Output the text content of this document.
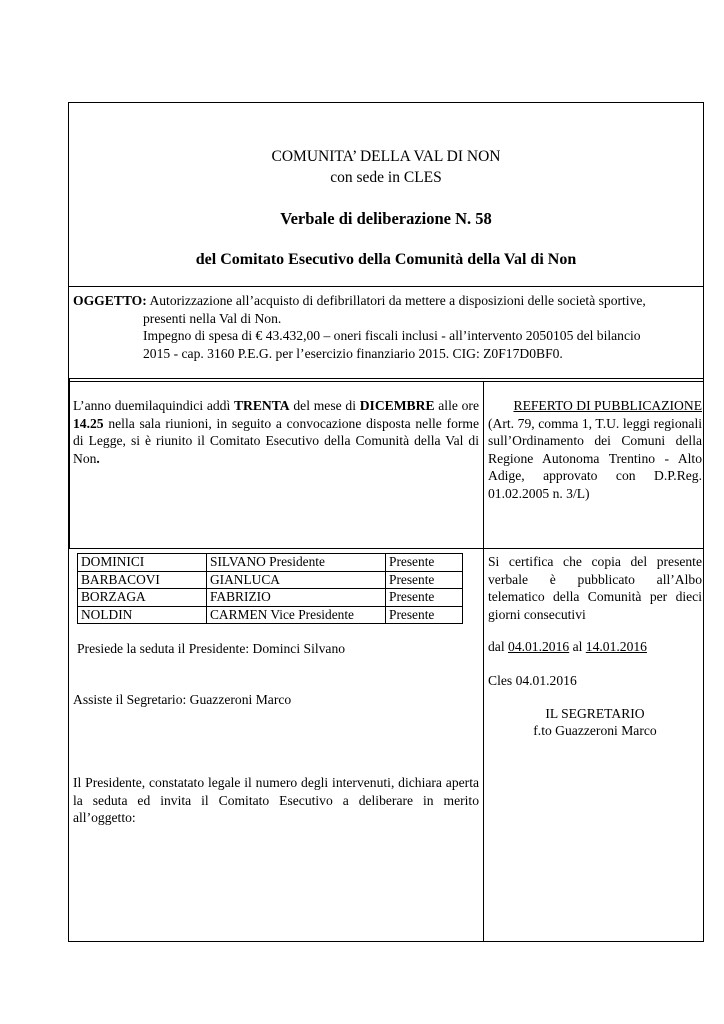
COMUNITA’ DELLA VAL DI NON
con sede in CLES
Verbale di deliberazione N. 58
del Comitato Esecutivo della Comunità della Val di Non
OGGETTO: Autorizzazione all’acquisto di defibrillatori da mettere a disposizioni delle società sportive,
presenti nella Val di Non.
Impegno di spesa di € 43.432,00 – oneri fiscali inclusi - all’intervento 2050105 del bilancio
2015 - cap. 3160 P.E.G. per l’esercizio finanziario 2015. CIG: Z0F17D0BF0.
L’anno duemilaquindici addì TRENTA del mese di DICEMBRE alle ore 14.25 nella sala riunioni, in seguito a convocazione disposta nelle forme di Legge, si è riunito il Comitato Esecutivo della Comunità della Val di Non.
REFERTO DI PUBBLICAZIONE
(Art. 79, comma 1, T.U. leggi regionali sull’Ordinamento dei Comuni della Regione Autonoma Trentino - Alto Adige, approvato con D.P.Reg. 01.02.2005 n. 3/L)
DOMINICI	SILVANO Presidente	Presente
BARBACOVI	GIANLUCA	Presente
BORZAGA	FABRIZIO	Presente
NOLDIN	CARMEN Vice Presidente	Presente
Presiede la seduta il Presidente: Dominci Silvano
Assiste il Segretario: Guazzeroni Marco
Il Presidente, constatato legale il numero degli intervenuti, dichiara aperta la seduta ed invita il Comitato Esecutivo a deliberare in merito all’oggetto:
Si certifica che copia del presente verbale è pubblicato all’Albo telematico della Comunità per dieci giorni consecutivi
dal 04.01.2016 al 14.01.2016
Cles 04.01.2016
IL SEGRETARIO
f.to Guazzeroni Marco
